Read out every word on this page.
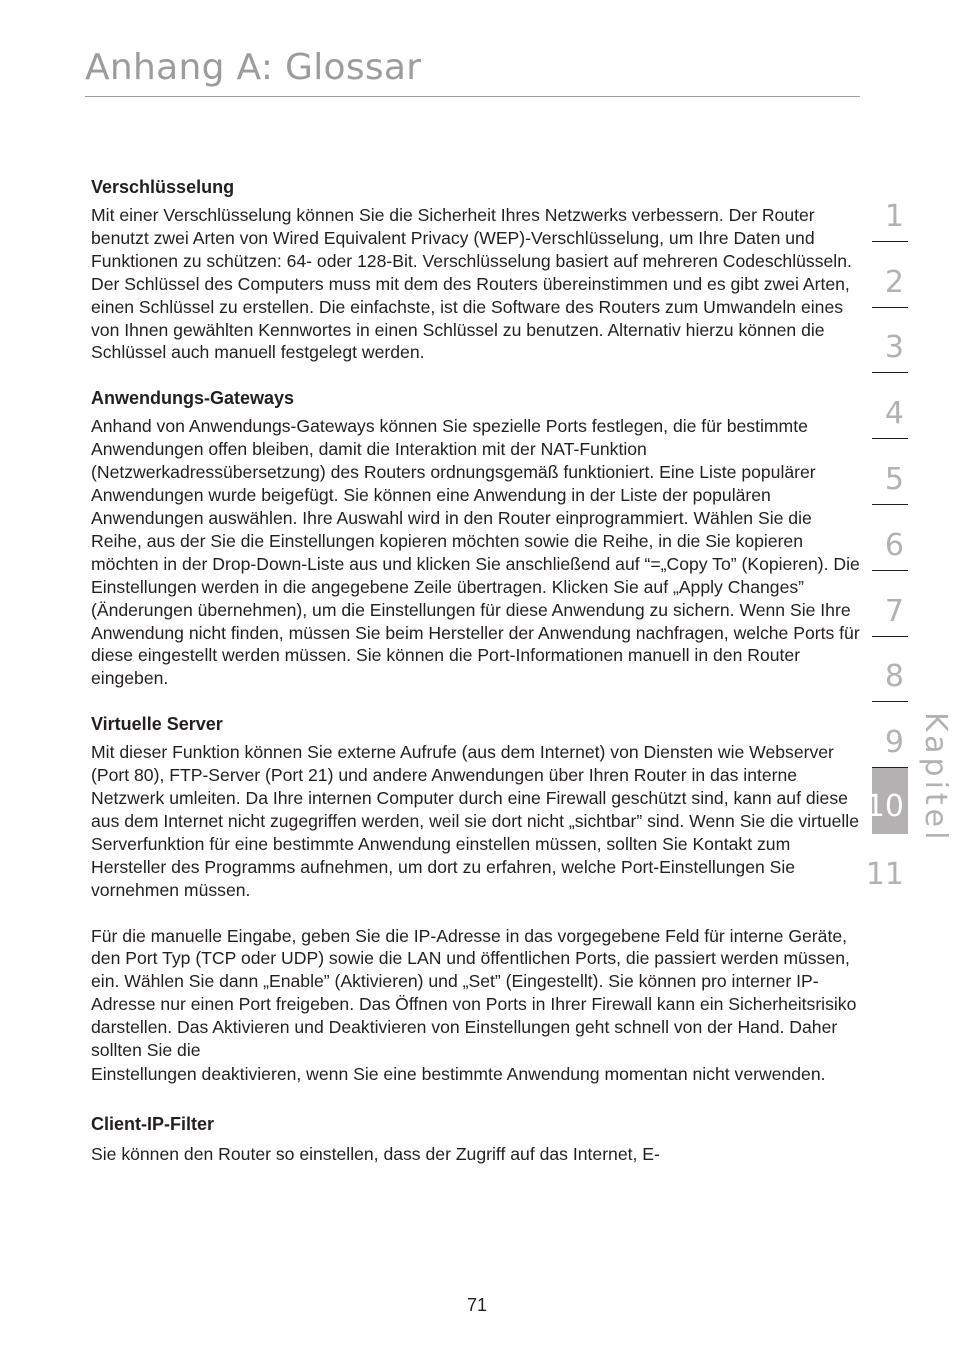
Anhang A: Glossar
Verschlüsselung

Mit einer Verschlüsselung können Sie die Sicherheit Ihres Netzwerks verbessern. Der Router benutzt zwei Arten von Wired Equivalent Privacy (WEP)-Verschlüsselung, um Ihre Daten und Funktionen zu schützen: 64- oder 128-Bit. Verschlüsselung basiert auf mehreren Codeschlüsseln. Der Schlüssel des Computers muss mit dem des Routers übereinstimmen und es gibt zwei Arten, einen Schlüssel zu erstellen. Die einfachste, ist die Software des Routers zum Umwandeln eines von Ihnen gewählten Kennwortes in einen Schlüssel zu benutzen. Alternativ hierzu können die Schlüssel auch manuell festgelegt werden.

Anwendungs-Gateways

Anhand von Anwendungs-Gateways können Sie spezielle Ports festlegen, die für bestimmte Anwendungen offen bleiben, damit die Interaktion mit der NAT-Funktion (Netzwerkadressübersetzung) des Routers ordnungsgemäß funktioniert. Eine Liste populärer Anwendungen wurde beigefügt. Sie können eine Anwendung in der Liste der populären Anwendungen auswählen. Ihre Auswahl wird in den Router einprogrammiert. Wählen Sie die Reihe, aus der Sie die Einstellungen kopieren möchten sowie die Reihe, in die Sie kopieren möchten in der Drop-Down-Liste aus und klicken Sie anschließend auf “=„Copy To” (Kopieren). Die Einstellungen werden in die angegebene Zeile übertragen. Klicken Sie auf „Apply Changes” (Änderungen übernehmen), um die Einstellungen für diese Anwendung zu sichern. Wenn Sie Ihre Anwendung nicht finden, müssen Sie beim Hersteller der Anwendung nachfragen, welche Ports für diese eingestellt werden müssen. Sie können die Port-Informationen manuell in den Router eingeben.

Virtuelle Server

Mit dieser Funktion können Sie externe Aufrufe (aus dem Internet) von Diensten wie Webserver (Port 80), FTP-Server (Port 21) und andere Anwendungen über Ihren Router in das interne Netzwerk umleiten. Da Ihre internen Computer durch eine Firewall geschützt sind, kann auf diese aus dem Internet nicht zugegriffen werden, weil sie dort nicht „sichtbar” sind. Wenn Sie die virtuelle Serverfunktion für eine bestimmte Anwendung einstellen müssen, sollten Sie Kontakt zum Hersteller des Programms aufnehmen, um dort zu erfahren, welche Port-Einstellungen Sie vornehmen müssen.

Für die manuelle Eingabe, geben Sie die IP-Adresse in das vorgegebene Feld für interne Geräte, den Port Typ (TCP oder UDP) sowie die LAN und öffentlichen Ports, die passiert werden müssen, ein. Wählen Sie dann „Enable” (Aktivieren) und „Set” (Eingestellt). Sie können pro interner IP-Adresse nur einen Port freigeben. Das Öffnen von Ports in Ihrer Firewall kann ein Sicherheitsrisiko darstellen. Das Aktivieren und Deaktivieren von Einstellungen geht schnell von der Hand. Daher sollten Sie die

Einstellungen deaktivieren, wenn Sie eine bestimmte Anwendung momentan nicht verwenden.

Client-IP-Filter

Sie können den Router so einstellen, dass der Zugriff auf das Internet, E-

1
2
3
4
5
6
7
8
9
10
11
Kapitel
71
